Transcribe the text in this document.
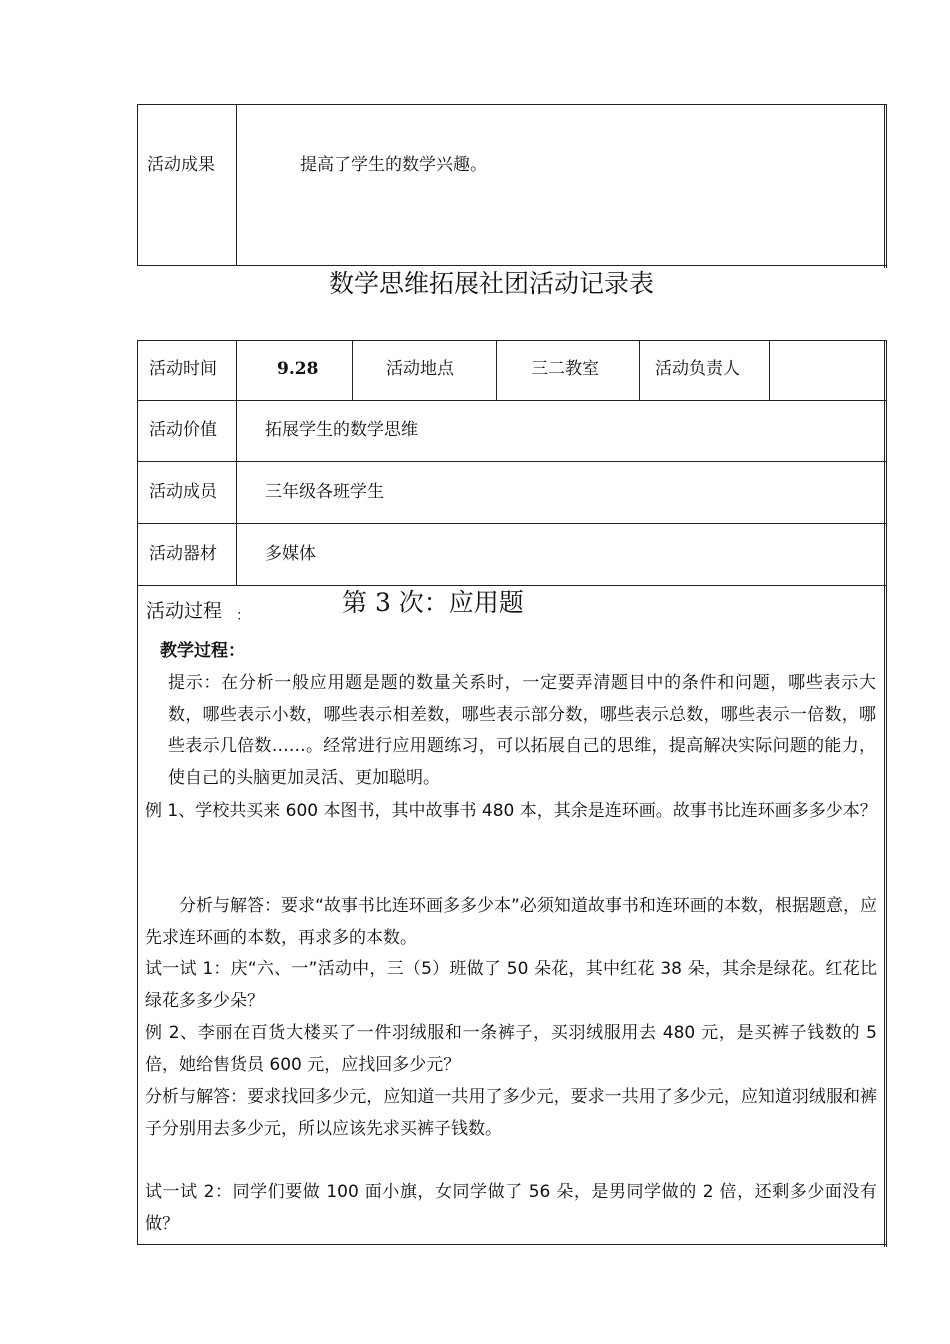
活动成果	提高了学生的数学兴趣。
数学思维拓展社团活动记录表
活动时间	9.28	活动地点	三二教室	活动负责人
活动价值	拓展学生的数学思维
活动成员	三年级各班学生
活动器材	多媒体
活动过程 ：	第 3 次：应用题
教学过程：
提示：在分析一般应用题是题的数量关系时，一定要弄清题目中的条件和问题，哪些表示大数，哪些表示小数，哪些表示相差数，哪些表示部分数，哪些表示总数，哪些表示一倍数，哪些表示几倍数……。经常进行应用题练习，可以拓展自己的思维，提高解决实际问题的能力，使自己的头脑更加灵活、更加聪明。
例 1、学校共买来 600 本图书，其中故事书 480 本，其余是连环画。故事书比连环画多多少本？
分析与解答：要求“故事书比连环画多多少本”必须知道故事书和连环画的本数，根据题意，应先求连环画的本数，再求多的本数。
试一试 1：庆“六、一”活动中，三（5）班做了 50 朵花，其中红花 38 朵，其余是绿花。红花比绿花多多少朵？
例 2、李丽在百货大楼买了一件羽绒服和一条裤子，买羽绒服用去 480 元，是买裤子钱数的 5 倍，她给售货员 600 元，应找回多少元？
分析与解答：要求找回多少元，应知道一共用了多少元，要求一共用了多少元，应知道羽绒服和裤子分别用去多少元，所以应该先求买裤子钱数。
试一试 2：同学们要做 100 面小旗，女同学做了 56 朵，是男同学做的 2 倍，还剩多少面没有做？
